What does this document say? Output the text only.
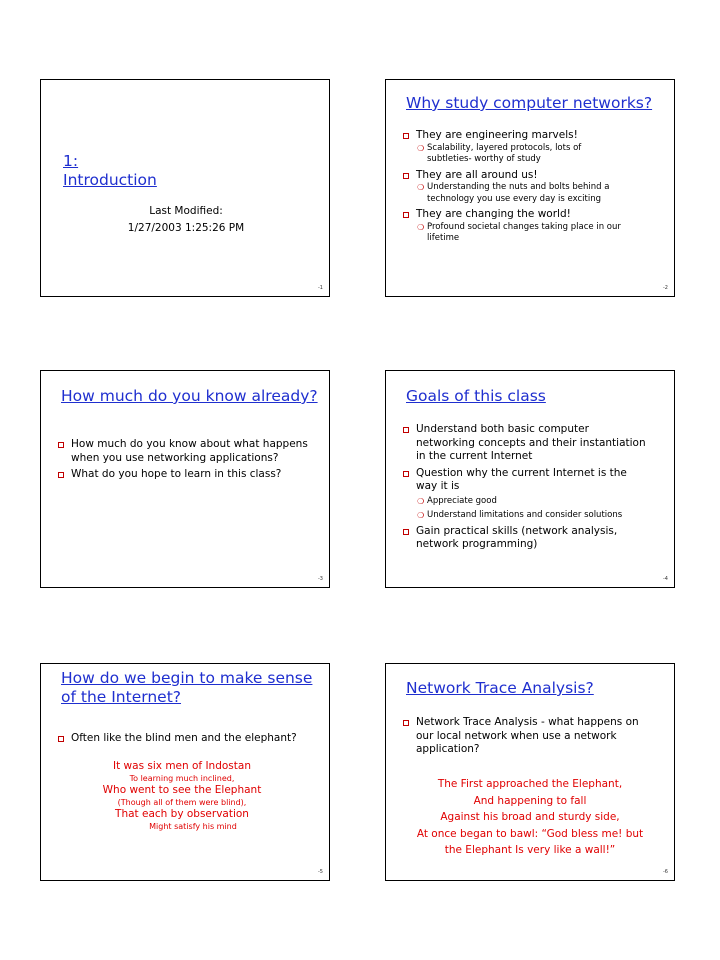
1:
Introduction
Last Modified:
1/27/2003 1:25:26 PM
-1
Why study computer networks?
They are engineering marvels!
❍ Scalability, layered protocols, lots of
subtleties- worthy of study
They are all around us!
❍ Understanding the nuts and bolts behind a
technology you use every day is exciting
They are changing the world!
❍ Profound societal changes taking place in our
lifetime
-2
How much do you know already?
How much do you know about what happens
when you use networking applications?
What do you hope to learn in this class?
-3
Goals of this class
Understand both basic computer
networking concepts and their instantiation
in the current Internet
Question why the current Internet is the
way it is
❍ Appreciate good
❍ Understand limitations and consider solutions
Gain practical skills (network analysis,
network programming)
-4
How do we begin to make sense
of the Internet?
Often like the blind men and the elephant?
It was six men of Indostan
To learning much inclined,
Who went to see the Elephant
(Though all of them were blind),
That each by observation
Might satisfy his mind
-5
Network Trace Analysis?
Network Trace Analysis - what happens on
our local network when use a network
application?
The First approached the Elephant,
And happening to fall
Against his broad and sturdy side,
At once began to bawl: “God bless me! but
the Elephant Is very like a wall!”
-6
